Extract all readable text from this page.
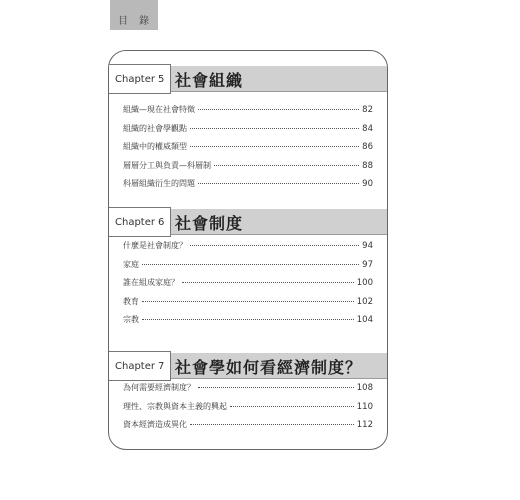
目 錄
Chapter 5 社會組織
組織—現在社會特徵	82
組織的社會學觀點	84
組織中的權威類型	86
層層分工與負責—科層制	88
科層組織衍生的問題	90
Chapter 6 社會制度
什麼是社會制度？	94
家庭	97
誰在組成家庭？	100
教育	102
宗教	104
Chapter 7 社會學如何看經濟制度？
為何需要經濟制度？	108
理性、宗教與資本主義的興起	110
資本經濟造成異化	112
